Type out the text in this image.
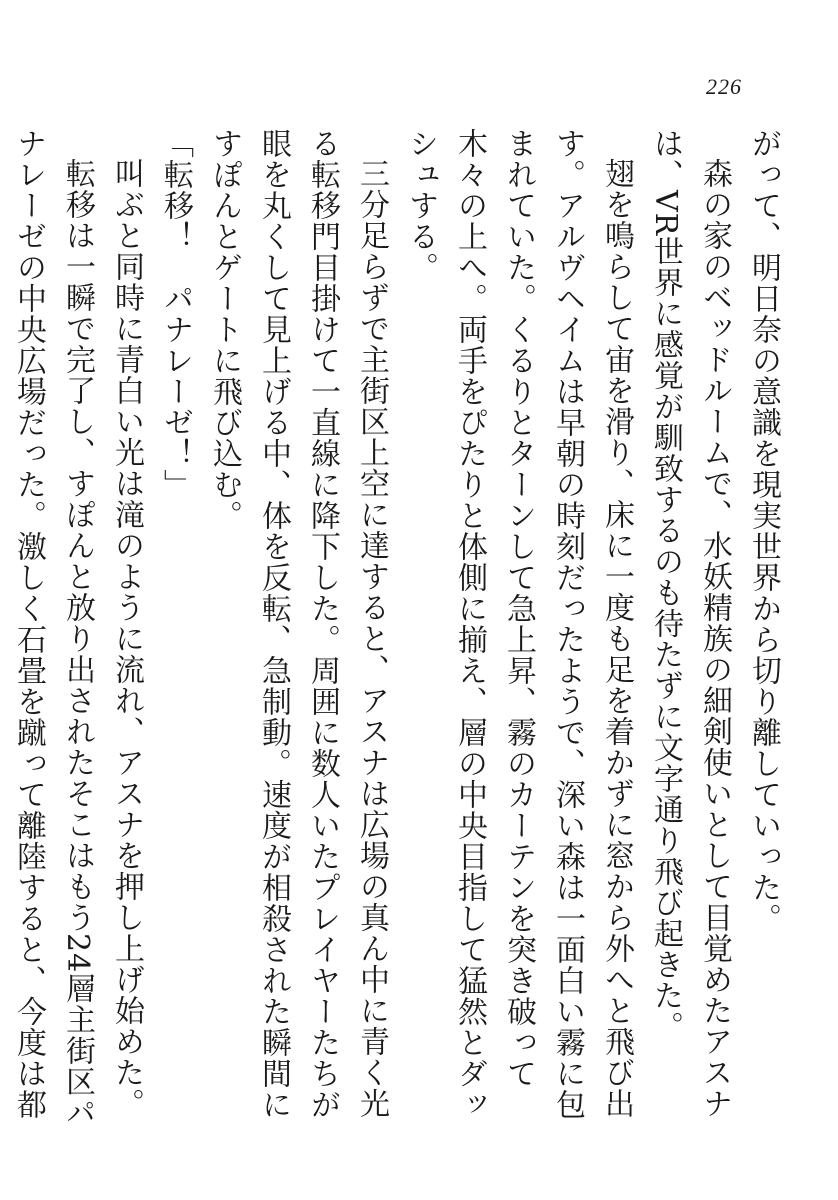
226

がって、明日奈の意識を現実世界から切り離していった。

森の家のベッドルームで、水妖精族の細剣使いとして目覚めたアスナは、VR世界に感覚が馴致するのも待たずに文字通り飛び起きた。

翅を鳴らして宙を滑り、床に一度も足を着かずに窓から外へと飛び出す。アルヴヘイムは早朝の時刻だったようで、深い森は一面白い霧に包まれていた。くるりとターンして急上昇、霧のカーテンを突き破って木々の上へ。両手をぴたりと体側に揃え、層の中央目指して猛然とダッシュする。

三分足らずで主街区上空に達すると、アスナは広場の真ん中に青く光る転移門目掛けて一直線に降下した。周囲に数人いたプレイヤーたちが眼を丸くして見上げる中、体を反転、急制動。速度が相殺された瞬間にすぽんとゲートに飛び込む。

「転移！　パナレーゼ！」

叫ぶと同時に青白い光は滝のように流れ、アスナを押し上げ始めた。

転移は一瞬で完了し、すぽんと放り出されたそこはもう24層主街区パナレーゼの中央広場だった。激しく石畳を蹴って離陸すると、今度は都
